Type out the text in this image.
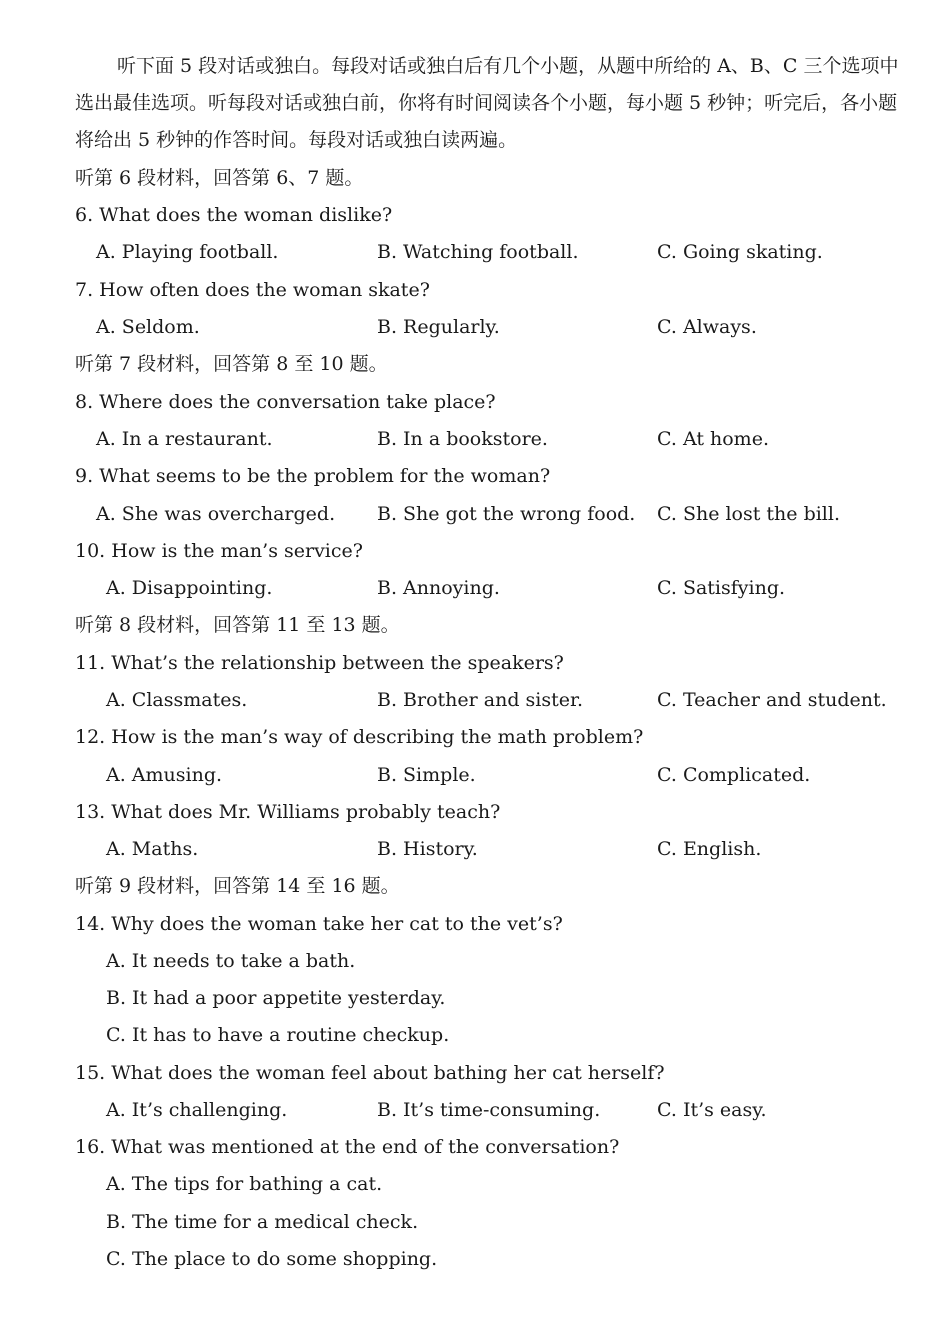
听下面 5 段对话或独白。每段对话或独白后有几个小题，从题中所给的 A、B、C 三个选项中
选出最佳选项。听每段对话或独白前，你将有时间阅读各个小题，每小题 5 秒钟；听完后，各小题
将给出 5 秒钟的作答时间。每段对话或独白读两遍。
听第 6 段材料，回答第 6、7 题。
6. What does the woman dislike?
A. Playing football.	B. Watching football.	C. Going skating.
7. How often does the woman skate?
A. Seldom.	B. Regularly.	C. Always.
听第 7 段材料，回答第 8 至 10 题。
8. Where does the conversation take place?
A. In a restaurant.	B. In a bookstore.	C. At home.
9. What seems to be the problem for the woman?
A. She was overcharged. B. She got the wrong food. C. She lost the bill.
10. How is the man’s service?
A. Disappointing.	B. Annoying.	C. Satisfying.
听第 8 段材料，回答第 11 至 13 题。
11. What’s the relationship between the speakers?
A. Classmates.	B. Brother and sister.	C. Teacher and student.
12. How is the man’s way of describing the math problem?
A. Amusing.	B. Simple.	C. Complicated.
13. What does Mr. Williams probably teach?
A. Maths.	B. History.	C. English.
听第 9 段材料，回答第 14 至 16 题。
14. Why does the woman take her cat to the vet’s?
A. It needs to take a bath.
B. It had a poor appetite yesterday.
C. It has to have a routine checkup.
15. What does the woman feel about bathing her cat herself?
A. It’s challenging.	B. It’s time-consuming.	C. It’s easy.
16. What was mentioned at the end of the conversation?
A. The tips for bathing a cat.
B. The time for a medical check.
C. The place to do some shopping.
